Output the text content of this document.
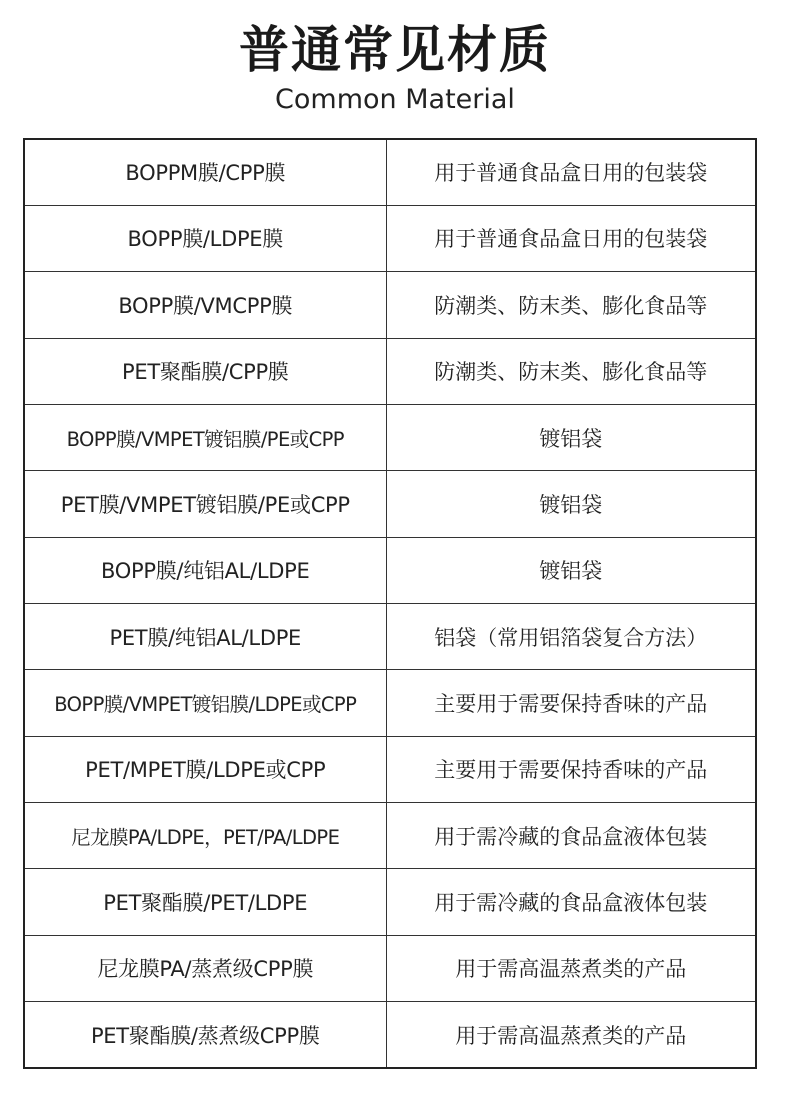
普通常见材质
Common Material
BOPPM膜/CPP膜	用于普通食品盒日用的包装袋
BOPP膜/LDPE膜	用于普通食品盒日用的包装袋
BOPP膜/VMCPP膜	防潮类、防末类、膨化食品等
PET聚酯膜/CPP膜	防潮类、防末类、膨化食品等
BOPP膜/VMPET镀铝膜/PE或CPP	镀铝袋
PET膜/VMPET镀铝膜/PE或CPP	镀铝袋
BOPP膜/纯铝AL/LDPE	镀铝袋
PET膜/纯铝AL/LDPE	铝袋（常用铝箔袋复合方法）
BOPP膜/VMPET镀铝膜/LDPE或CPP	主要用于需要保持香味的产品
PET/MPET膜/LDPE或CPP	主要用于需要保持香味的产品
尼龙膜PA/LDPE，PET/PA/LDPE	用于需冷藏的食品盒液体包装
PET聚酯膜/PET/LDPE	用于需冷藏的食品盒液体包装
尼龙膜PA/蒸煮级CPP膜	用于需高温蒸煮类的产品
PET聚酯膜/蒸煮级CPP膜	用于需高温蒸煮类的产品
